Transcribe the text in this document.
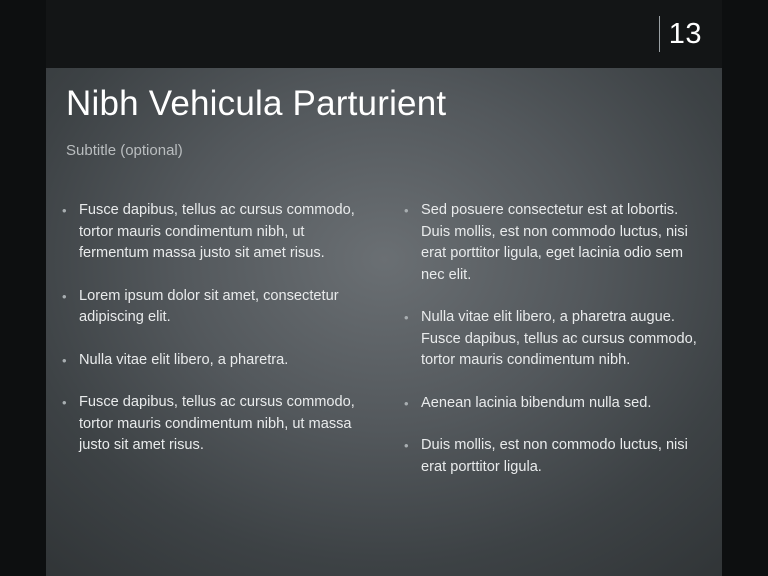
13
Nibh Vehicula Parturient
Subtitle (optional)
• Fusce dapibus, tellus ac cursus commodo, tortor mauris condimentum nibh, ut fermentum massa justo sit amet risus.
• Lorem ipsum dolor sit amet, consectetur adipiscing elit.
• Nulla vitae elit libero, a pharetra.
• Fusce dapibus, tellus ac cursus commodo, tortor mauris condimentum nibh, ut massa justo sit amet risus.
• Sed posuere consectetur est at lobortis. Duis mollis, est non commodo luctus, nisi erat porttitor ligula, eget lacinia odio sem nec elit.
• Nulla vitae elit libero, a pharetra augue. Fusce dapibus, tellus ac cursus commodo, tortor mauris condimentum nibh.
• Aenean lacinia bibendum nulla sed.
• Duis mollis, est non commodo luctus, nisi erat porttitor ligula.
